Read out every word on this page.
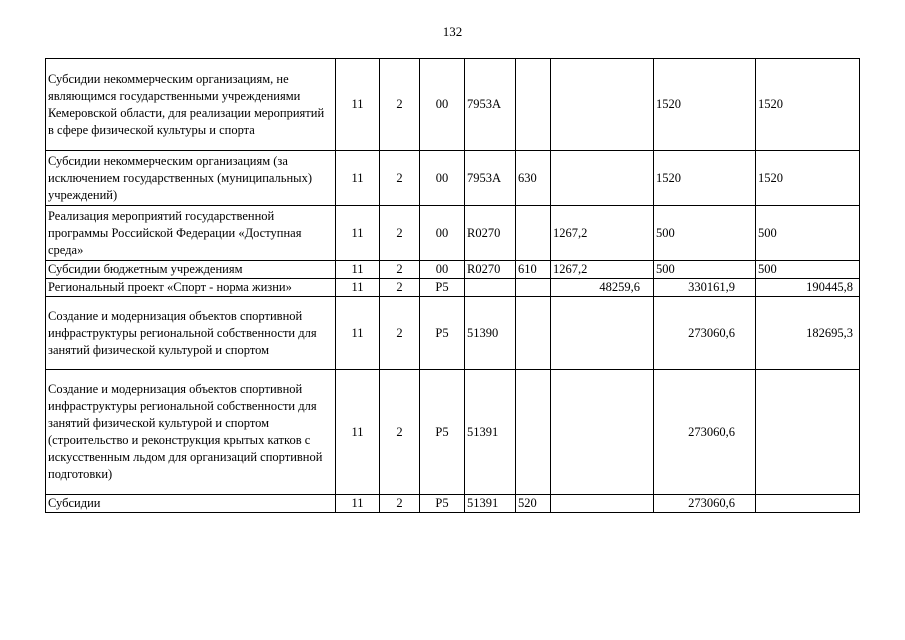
132
Субсидии некоммерческим организациям, не являющимся государственными учреждениями Кемеровской области, для реализации мероприятий в сфере физической культуры и спорта	11	2	00	7953А			1520	1520
Субсидии некоммерческим организациям (за исключением государственных (муниципальных) учреждений)	11	2	00	7953А	630		1520	1520
Реализация мероприятий государственной программы Российской Федерации «Доступная среда»	11	2	00	R0270		1267,2	500	500
Субсидии бюджетным учреждениям	11	2	00	R0270	610	1267,2	500	500
Региональный проект «Спорт - норма жизни»	11	2	P5			48259,6	330161,9	190445,8
Создание и модернизация объектов спортивной инфраструктуры региональной собственности для занятий физической культурой и спортом	11	2	P5	51390			273060,6	182695,3
Создание и модернизация объектов спортивной инфраструктуры региональной собственности для занятий физической культурой и спортом (строительство и реконструкция крытых катков с искусственным льдом для организаций спортивной подготовки)	11	2	P5	51391			273060,6	
Субсидии	11	2	P5	51391	520		273060,6	
